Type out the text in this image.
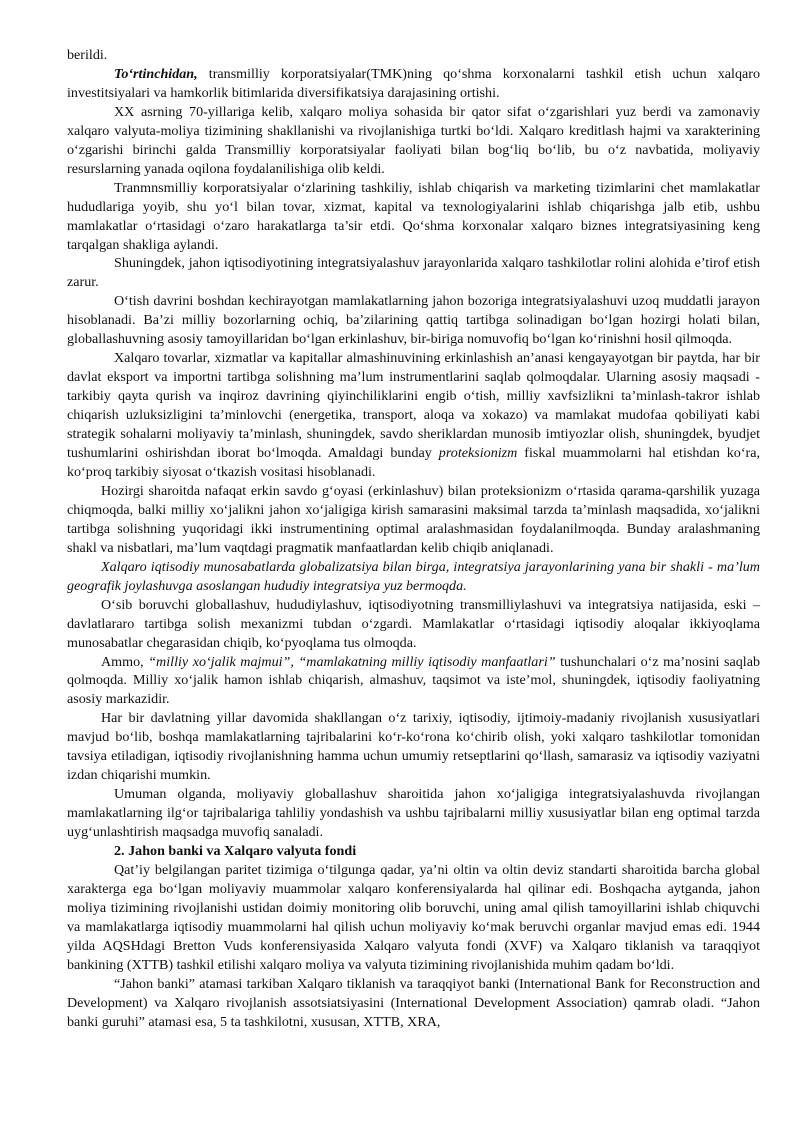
berildi.

To‘rtinchidan, transmilliy korporatsiyalar(TMK)ning qo‘shma korxonalarni tashkil etish uchun xalqaro investitsiyalari va hamkorlik bitimlarida diversifikatsiya darajasining ortishi.

XX asrning 70-yillariga kelib, xalqaro moliya sohasida bir qator sifat o‘zgarishlari yuz berdi va zamonaviy xalqaro valyuta-moliya tizimining shakllanishi va rivojlanishiga turtki bo‘ldi. Xalqaro kreditlash hajmi va xarakterining o‘zgarishi birinchi galda Transmilliy korporatsiyalar faoliyati bilan bog‘liq bo‘lib, bu o‘z navbatida, moliyaviy resurslarning yanada oqilona foydalanilishiga olib keldi.

Tranmnsmilliy korporatsiyalar o‘zlarining tashkiliy, ishlab chiqarish va marketing tizimlarini chet mamlakatlar hududlariga yoyib, shu yo‘l bilan tovar, xizmat, kapital va texnologiyalarini ishlab chiqarishga jalb etib, ushbu mamlakatlar o‘rtasidagi o‘zaro harakatlarga ta’sir etdi. Qo‘shma korxonalar xalqaro biznes integratsiyasining keng tarqalgan shakliga aylandi.

Shuningdek, jahon iqtisodiyotining integratsiyalashuv jarayonlarida xalqaro tashkilotlar rolini alohida e’tirof etish zarur.

O‘tish davrini boshdan kechirayotgan mamlakatlarning jahon bozoriga integratsiyalashuvi uzoq muddatli jarayon hisoblanadi. Ba’zi milliy bozorlarning ochiq, ba’zilarining qattiq tartibga solinadigan bo‘lgan hozirgi holati bilan, globallashuvning asosiy tamoyillaridan bo‘lgan erkinlashuv, bir-biriga nomuvofiq bo‘lgan ko‘rinishni hosil qilmoqda.

Xalqaro tovarlar, xizmatlar va kapitallar almashinuvining erkinlashish an’anasi kengayayotgan bir paytda, har bir davlat eksport va importni tartibga solishning ma’lum instrumentlarini saqlab qolmoqdalar. Ularning asosiy maqsadi - tarkibiy qayta qurish va inqiroz davrining qiyinchiliklarini engib o‘tish, milliy xavfsizlikni ta’minlash-takror ishlab chiqarish uzluksizligini ta’minlovchi (energetika, transport, aloqa va xokazo) va mamlakat mudofaa qobiliyati kabi strategik sohalarni moliyaviy ta’minlash, shuningdek, savdo sheriklardan munosib imtiyozlar olish, shuningdek, byudjet tushumlarini oshirishdan iborat bo‘lmoqda. Amaldagi bunday proteksionizm fiskal muammolarni hal etishdan ko‘ra, ko‘proq tarkibiy siyosat o‘tkazish vositasi hisoblanadi.

Hozirgi sharoitda nafaqat erkin savdo g‘oyasi (erkinlashuv) bilan proteksionizm o‘rtasida qarama-qarshilik yuzaga chiqmoqda, balki milliy xo‘jalikni jahon xo‘jaligiga kirish samarasini maksimal tarzda ta’minlash maqsadida, xo‘jalikni tartibga solishning yuqoridagi ikki instrumentining optimal aralashmasidan foydalanilmoqda. Bunday aralashmaning shakl va nisbatlari, ma’lum vaqtdagi pragmatik manfaatlardan kelib chiqib aniqlanadi.

Xalqaro iqtisodiy munosabatlarda globalizatsiya bilan birga, integratsiya jarayonlarining yana bir shakli - ma’lum geografik joylashuvga asoslangan hududiy integratsiya yuz bermoqda.

O‘sib boruvchi globallashuv, hududiylashuv, iqtisodiyotning transmilliylashuvi va integratsiya natijasida, eski – davlatlararo tartibga solish mexanizmi tubdan o‘zgardi. Mamlakatlar o‘rtasidagi iqtisodiy aloqalar ikkiyoqlama munosabatlar chegarasidan chiqib, ko‘pyoqlama tus olmoqda.

Ammo, “milliy xo‘jalik majmui”, “mamlakatning milliy iqtisodiy manfaatlari” tushunchalari o‘z ma’nosini saqlab qolmoqda. Milliy xo‘jalik hamon ishlab chiqarish, almashuv, taqsimot va iste’mol, shuningdek, iqtisodiy faoliyatning asosiy markazidir.

Har bir davlatning yillar davomida shakllangan o‘z tarixiy, iqtisodiy, ijtimoiy-madaniy rivojlanish xususiyatlari mavjud bo‘lib, boshqa mamlakatlarning tajribalarini ko‘r-ko‘rona ko‘chirib olish, yoki xalqaro tashkilotlar tomonidan tavsiya etiladigan, iqtisodiy rivojlanishning hamma uchun umumiy retseptlarini qo‘llash, samarasiz va iqtisodiy vaziyatni izdan chiqarishi mumkin.

Umuman olganda, moliyaviy globallashuv sharoitida jahon xo‘jaligiga integratsiyalashuvda rivojlangan mamlakatlarning ilg‘or tajribalariga tahliliy yondashish va ushbu tajribalarni milliy xususiyatlar bilan eng optimal tarzda uyg‘unlashtirish maqsadga muvofiq sanaladi.

2. Jahon banki va Xalqaro valyuta fondi

Qat’iy belgilangan paritet tizimiga o‘tilgunga qadar, ya’ni oltin va oltin deviz standarti sharoitida barcha global xarakterga ega bo‘lgan moliyaviy muammolar xalqaro konferensiyalarda hal qilinar edi. Boshqacha aytganda, jahon moliya tizimining rivojlanishi ustidan doimiy monitoring olib boruvchi, uning amal qilish tamoyillarini ishlab chiquvchi va mamlakatlarga iqtisodiy muammolarni hal qilish uchun moliyaviy ko‘mak beruvchi organlar mavjud emas edi. 1944 yilda AQSHdagi Bretton Vuds konferensiyasida Xalqaro valyuta fondi (XVF) va Xalqaro tiklanish va taraqqiyot bankining (XTTB) tashkil etilishi xalqaro moliya va valyuta tizimining rivojlanishida muhim qadam bo‘ldi.

“Jahon banki” atamasi tarkiban Xalqaro tiklanish va taraqqiyot banki (International Bank for Reconstruction and Development) va Xalqaro rivojlanish assotsiatsiyasini (International Development Association) qamrab oladi. “Jahon banki guruhi” atamasi esa, 5 ta tashkilotni, xususan, XTTB, XRA,
